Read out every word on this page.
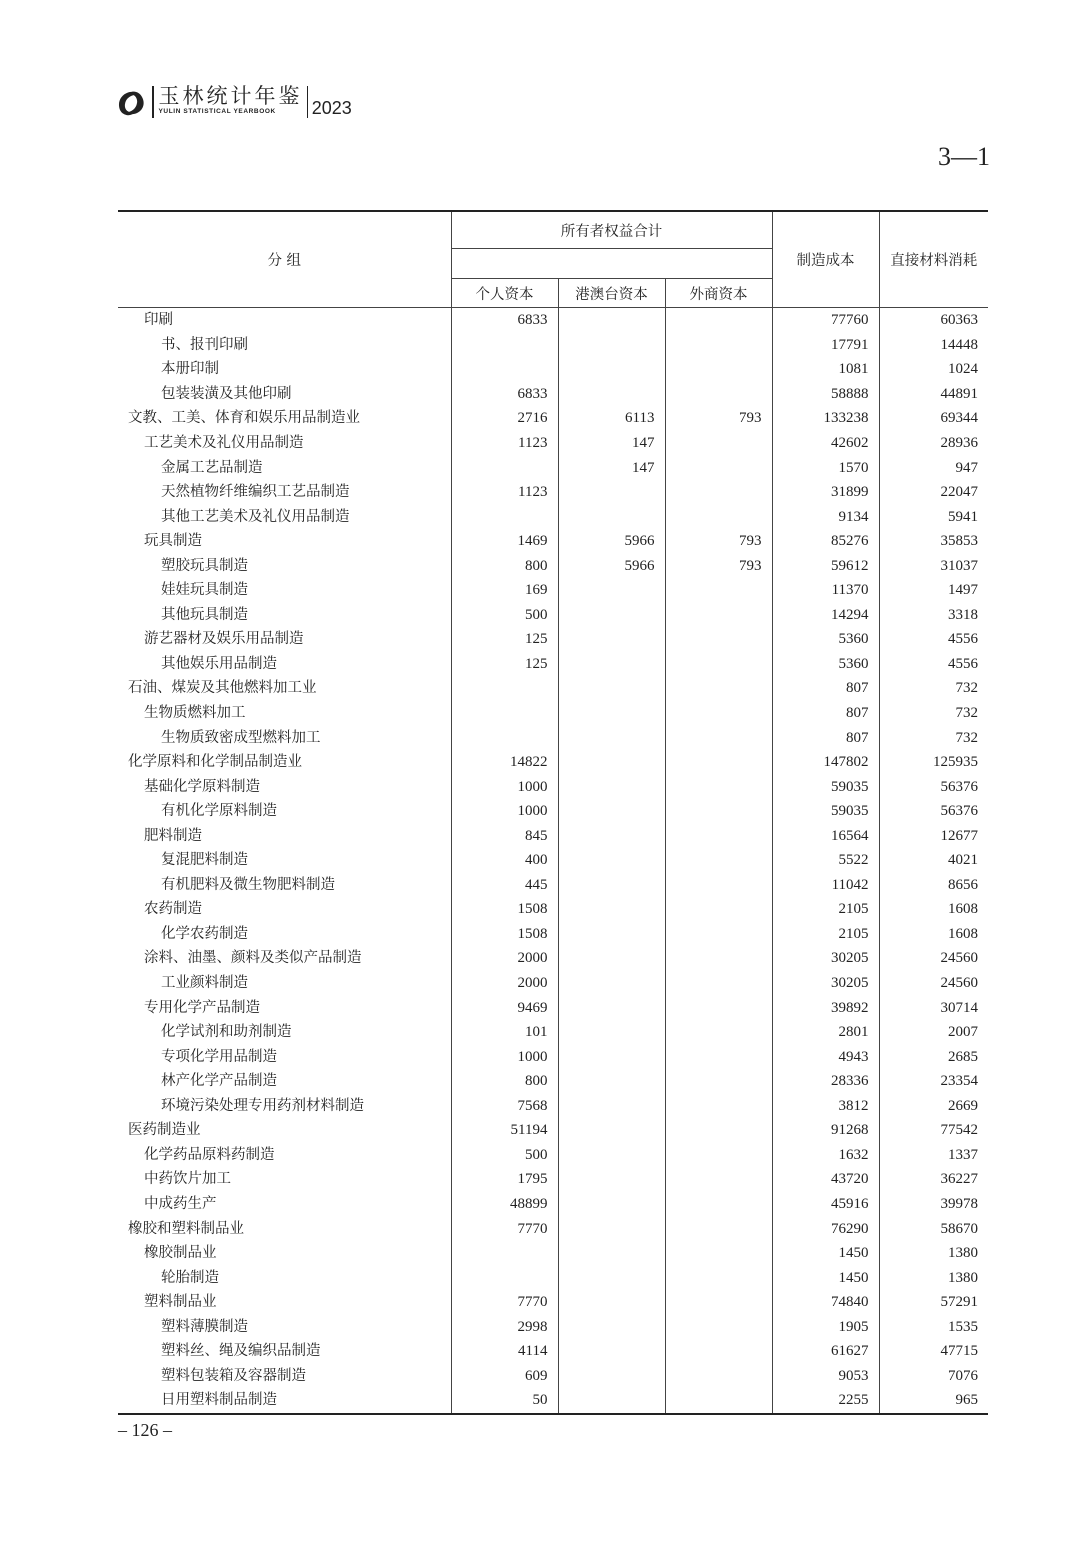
玉林统计年鉴
YULIN STATISTICAL YEARBOOK	2023
3—1
分 组	所有者权益合计			制造成本	直接材料消耗

	个人资本	港澳台资本	外商资本		
印刷	6833			77760	60363
书、报刊印刷				17791	14448
本册印制				1081	1024
包装装潢及其他印刷	6833			58888	44891
文教、工美、体育和娱乐用品制造业	2716	6113	793	133238	69344
工艺美术及礼仪用品制造	1123	147		42602	28936
金属工艺品制造		147		1570	947
天然植物纤维编织工艺品制造	1123			31899	22047
其他工艺美术及礼仪用品制造				9134	5941
玩具制造	1469	5966	793	85276	35853
塑胶玩具制造	800	5966	793	59612	31037
娃娃玩具制造	169			11370	1497
其他玩具制造	500			14294	3318
游艺器材及娱乐用品制造	125			5360	4556
其他娱乐用品制造	125			5360	4556
石油、煤炭及其他燃料加工业				807	732
生物质燃料加工				807	732
生物质致密成型燃料加工				807	732
化学原料和化学制品制造业	14822			147802	125935
基础化学原料制造	1000			59035	56376
有机化学原料制造	1000			59035	56376
肥料制造	845			16564	12677
复混肥料制造	400			5522	4021
有机肥料及微生物肥料制造	445			11042	8656
农药制造	1508			2105	1608
化学农药制造	1508			2105	1608
涂料、油墨、颜料及类似产品制造	2000			30205	24560
工业颜料制造	2000			30205	24560
专用化学产品制造	9469			39892	30714
化学试剂和助剂制造	101			2801	2007
专项化学用品制造	1000			4943	2685
林产化学产品制造	800			28336	23354
环境污染处理专用药剂材料制造	7568			3812	2669
医药制造业	51194			91268	77542
化学药品原料药制造	500			1632	1337
中药饮片加工	1795			43720	36227
中成药生产	48899			45916	39978
橡胶和塑料制品业	7770			76290	58670
橡胶制品业				1450	1380
轮胎制造				1450	1380
塑料制品业	7770			74840	57291
塑料薄膜制造	2998			1905	1535
塑料丝、绳及编织品制造	4114			61627	47715
塑料包装箱及容器制造	609			9053	7076
日用塑料制品制造	50			2255	965
– 126 –
